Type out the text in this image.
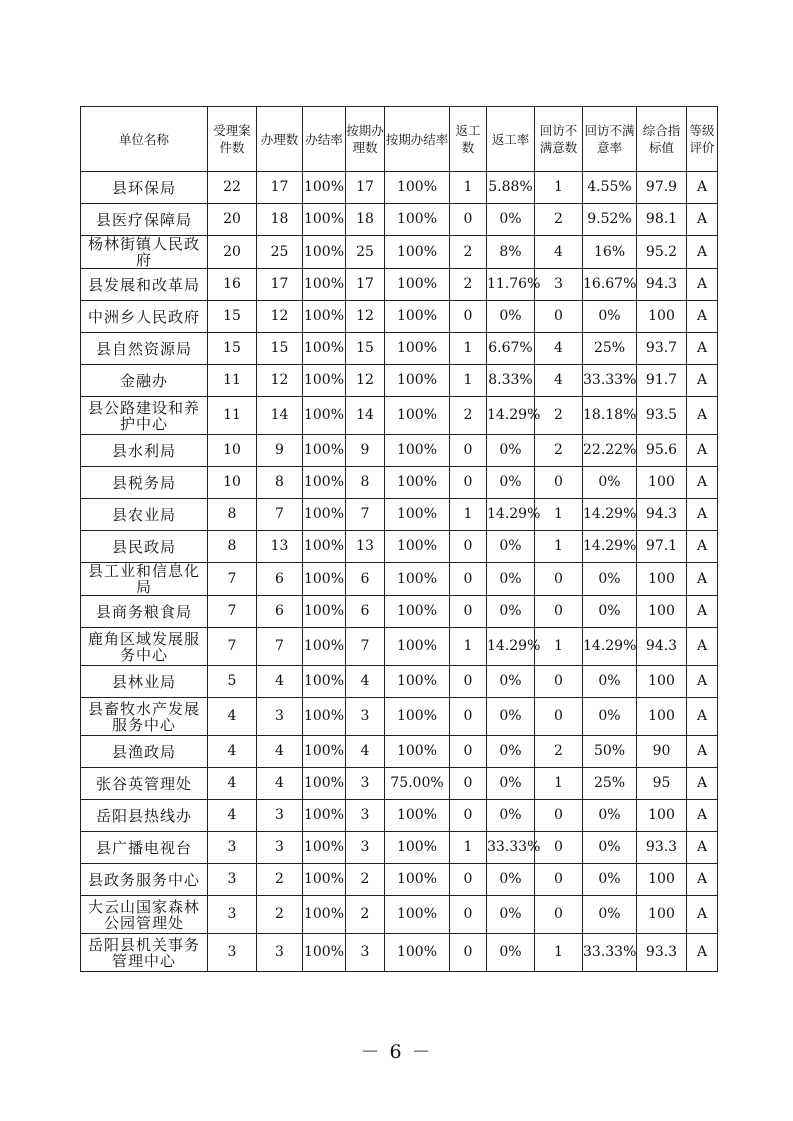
单位名称	受理案件数	办理数	办结率	按期办理数	按期办结率	返工数	返工率	回访不满意数	回访不满意率	综合指标值	等级评价
县环保局	22	17	100%	17	100%	1	5.88%	1	4.55%	97.9	A
县医疗保障局	20	18	100%	18	100%	0	0%	2	9.52%	98.1	A
杨林街镇人民政府	20	25	100%	25	100%	2	8%	4	16%	95.2	A
县发展和改革局	16	17	100%	17	100%	2	11.76%	3	16.67%	94.3	A
中洲乡人民政府	15	12	100%	12	100%	0	0%	0	0%	100	A
县自然资源局	15	15	100%	15	100%	1	6.67%	4	25%	93.7	A
金融办	11	12	100%	12	100%	1	8.33%	4	33.33%	91.7	A
县公路建设和养护中心	11	14	100%	14	100%	2	14.29%	2	18.18%	93.5	A
县水利局	10	9	100%	9	100%	0	0%	2	22.22%	95.6	A
县税务局	10	8	100%	8	100%	0	0%	0	0%	100	A
县农业局	8	7	100%	7	100%	1	14.29%	1	14.29%	94.3	A
县民政局	8	13	100%	13	100%	0	0%	1	14.29%	97.1	A
县工业和信息化局	7	6	100%	6	100%	0	0%	0	0%	100	A
县商务粮食局	7	6	100%	6	100%	0	0%	0	0%	100	A
鹿角区域发展服务中心	7	7	100%	7	100%	1	14.29%	1	14.29%	94.3	A
县林业局	5	4	100%	4	100%	0	0%	0	0%	100	A
县畜牧水产发展服务中心	4	3	100%	3	100%	0	0%	0	0%	100	A
县渔政局	4	4	100%	4	100%	0	0%	2	50%	90	A
张谷英管理处	4	4	100%	3	75.00%	0	0%	1	25%	95	A
岳阳县热线办	4	3	100%	3	100%	0	0%	0	0%	100	A
县广播电视台	3	3	100%	3	100%	1	33.33%	0	0%	93.3	A
县政务服务中心	3	2	100%	2	100%	0	0%	0	0%	100	A
大云山国家森林公园管理处	3	2	100%	2	100%	0	0%	0	0%	100	A
岳阳县机关事务管理中心	3	3	100%	3	100%	0	0%	1	33.33%	93.3	A
－ 6 －
